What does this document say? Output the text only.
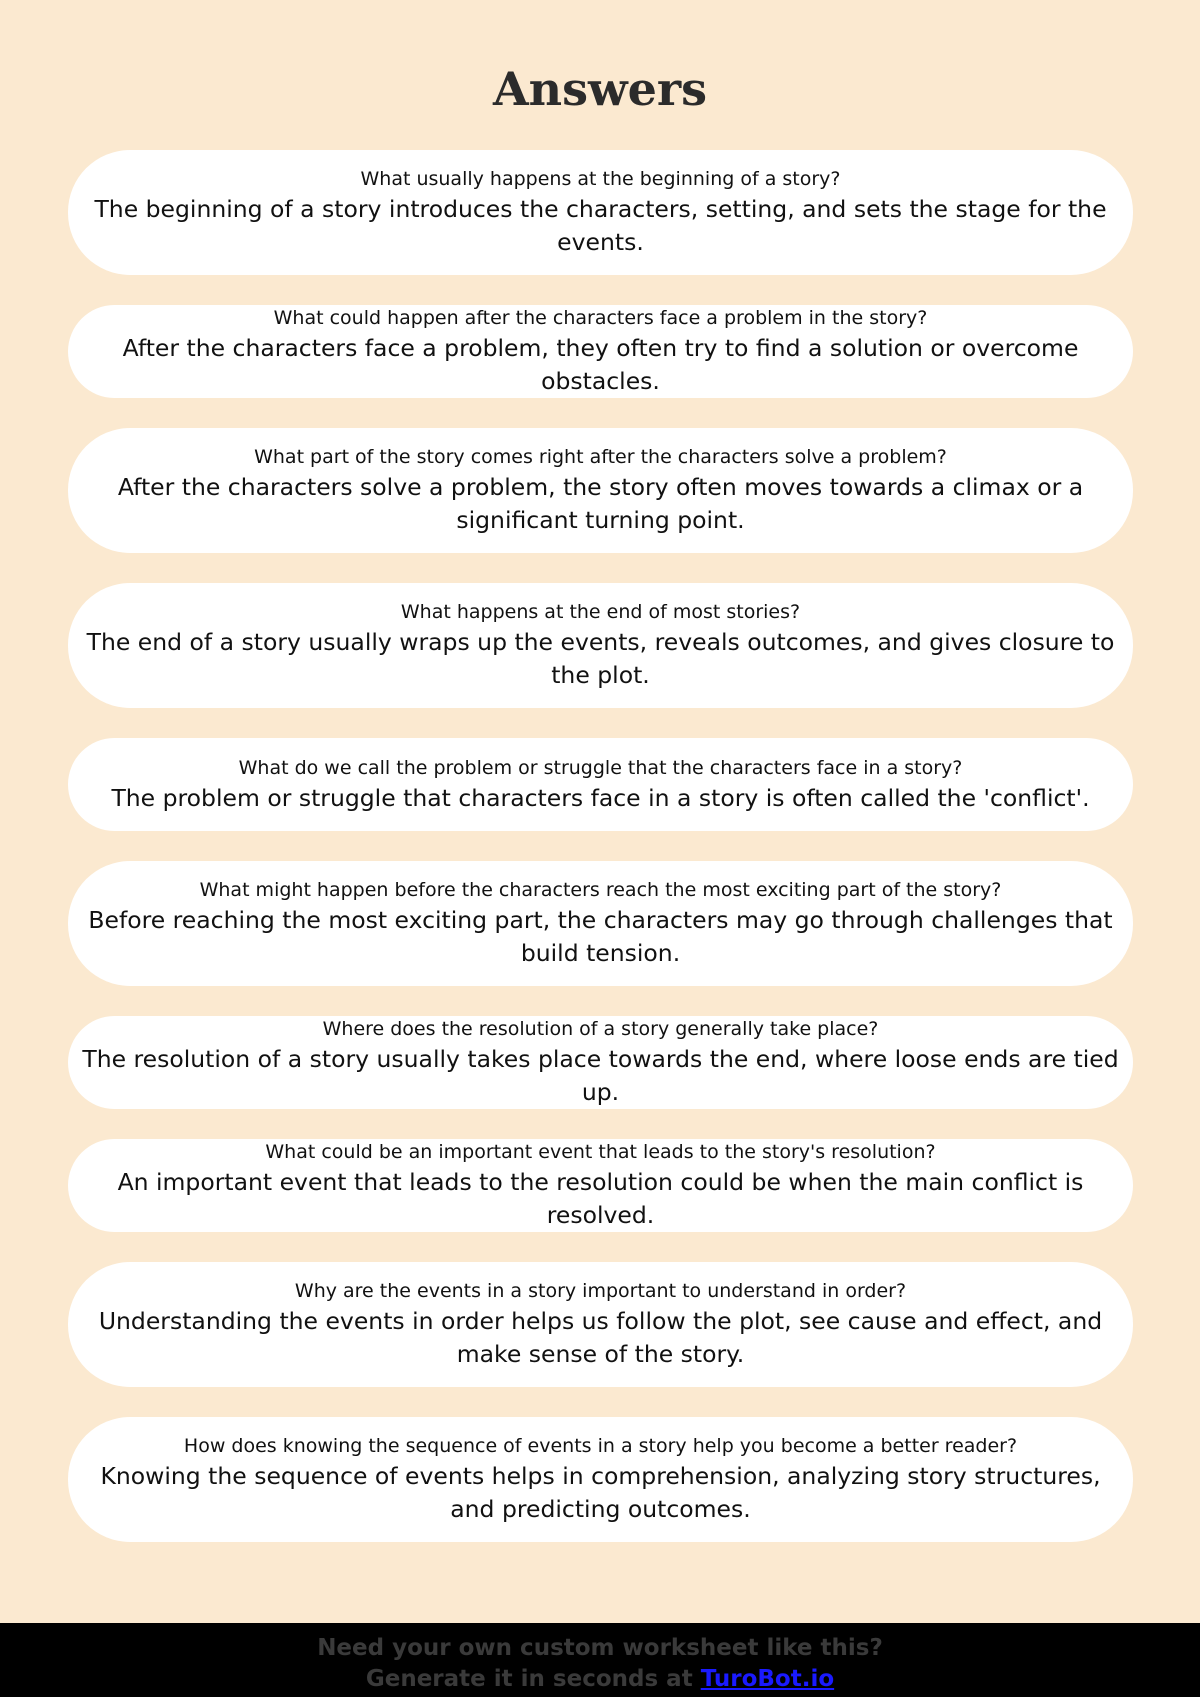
Answers
What usually happens at the beginning of a story?
The beginning of a story introduces the characters, setting, and sets the stage for the events.
What could happen after the characters face a problem in the story?
After the characters face a problem, they often try to find a solution or overcome obstacles.
What part of the story comes right after the characters solve a problem?
After the characters solve a problem, the story often moves towards a climax or a significant turning point.
What happens at the end of most stories?
The end of a story usually wraps up the events, reveals outcomes, and gives closure to the plot.
What do we call the problem or struggle that the characters face in a story?
The problem or struggle that characters face in a story is often called the 'conflict'.
What might happen before the characters reach the most exciting part of the story?
Before reaching the most exciting part, the characters may go through challenges that build tension.
Where does the resolution of a story generally take place?
The resolution of a story usually takes place towards the end, where loose ends are tied up.
What could be an important event that leads to the story's resolution?
An important event that leads to the resolution could be when the main conflict is resolved.
Why are the events in a story important to understand in order?
Understanding the events in order helps us follow the plot, see cause and effect, and make sense of the story.
How does knowing the sequence of events in a story help you become a better reader?
Knowing the sequence of events helps in comprehension, analyzing story structures, and predicting outcomes.
Need your own custom worksheet like this?
Generate it in seconds at TuroBot.io
